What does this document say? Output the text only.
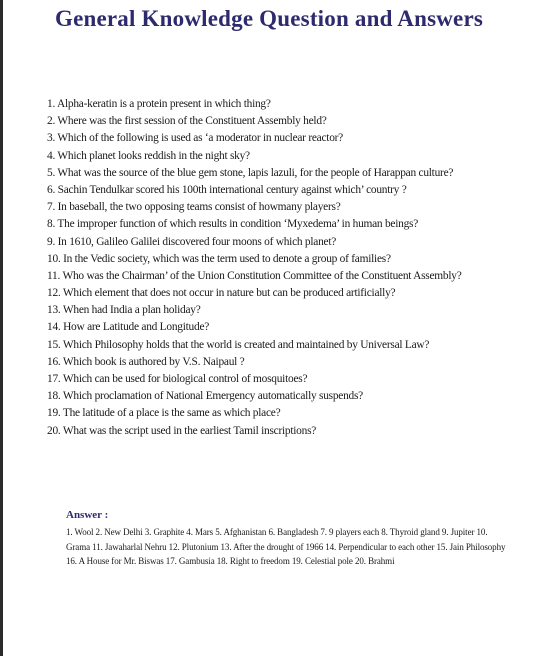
General Knowledge Question and Answers
1. Alpha-keratin is a protein present in which thing?
2. Where was the first session of the Constituent Assembly held?
3. Which of the following is used as ‘a moderator in nuclear reactor?
4. Which planet looks reddish in the night sky?
5. What was the source of the blue gem stone, lapis lazuli, for the people of Harappan culture?
6. Sachin Tendulkar scored his 100th international century against which’ country ?
7. In baseball, the two opposing teams consist of howmany players?
8. The improper function of which results in condition ‘Myxedema’ in human beings?
9. In 1610, Galileo Galilei discovered four moons of which planet?
10. In the Vedic society, which was the term used to denote a group of families?
11. Who was the Chairman’ of the Union Constitution Committee of the Constituent Assembly?
12. Which element that does not occur in nature but can be produced artificially?
13. When had India a plan holiday?
14. How are Latitude and Longitude?
15. Which Philosophy holds that the world is created and maintained by Universal Law?
16. Which book is authored by V.S. Naipaul ?
17. Which can be used for biological control of mosquitoes?
18. Which proclamation of National Emergency automatically suspends?
19. The latitude of a place is the same as which place?
20. What was the script used in the earliest Tamil inscriptions?
Answer :
1. Wool 2. New Delhi 3. Graphite 4. Mars 5. Afghanistan 6. Bangladesh 7. 9 players each 8. Thyroid gland 9. Jupiter 10. Grama 11. Jawaharlal Nehru 12. Plutonium 13. After the drought of 1966 14. Perpendicular to each other 15. Jain Philosophy 16. A House for Mr. Biswas 17. Gambusia 18. Right to freedom 19. Celestial pole 20. Brahmi
